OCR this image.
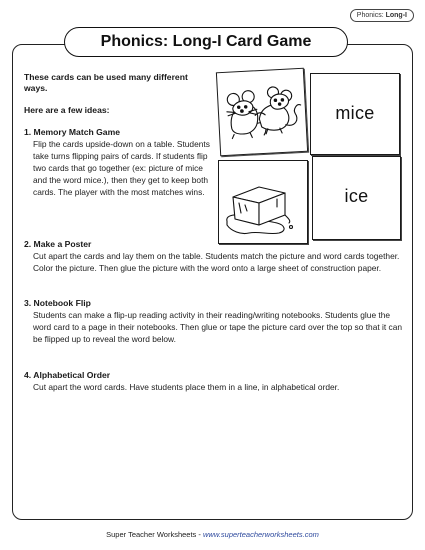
Phonics: Long-I
Phonics: Long-I Card Game
These cards can be used many different ways.
Here are a few ideas:
1. Memory Match Game
Flip the cards upside-down on a table. Students take turns flipping pairs of cards. If students flip two cards that go together (ex: picture of mice and the word mice.), then they get to keep both cards. The player with the most matches wins.
2. Make a Poster
Cut apart the cards and lay them on the table. Students match the picture and word cards together. Color the picture. Then glue the picture with the word onto a large sheet of construction paper.
3. Notebook Flip
Students can make a flip-up reading activity in their reading/writing notebooks. Students glue the word card to a page in their notebooks. Then glue or tape the picture card over the top so that it can be flipped up to reveal the word below.
4. Alphabetical Order
Cut apart the word cards. Have students place them in a line, in alphabetical order.
mice
ice
Super Teacher Worksheets - www.superteacherworksheets.com
